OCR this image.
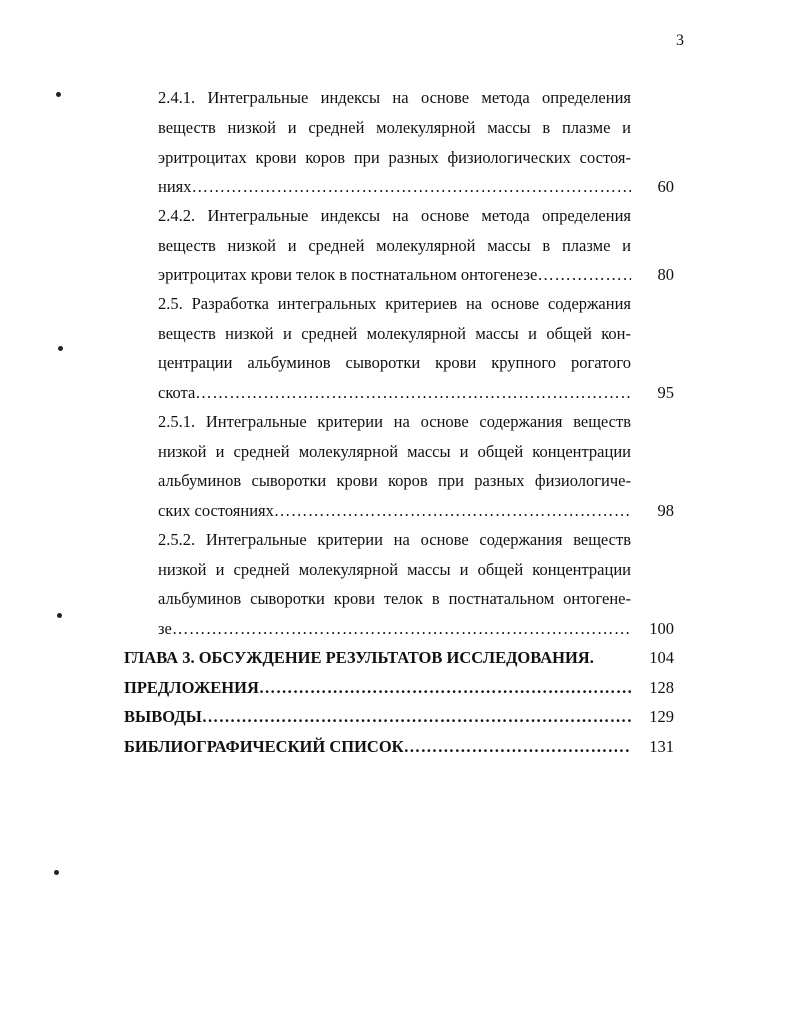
3
2.4.1. Интегральные индексы на основе метода определения
веществ низкой и средней молекулярной массы в плазме и
эритроцитах крови коров при разных физиологических состоя-
ниях ……………………………………………………………………………………………………………………	60
2.4.2. Интегральные индексы на основе метода определения
веществ низкой и средней молекулярной массы в плазме и
эритроцитах крови телок в постнатальном онтогенезе ……………………………………………………………………………………………………………………	80
2.5. Разработка интегральных критериев на основе содержания
веществ низкой и средней молекулярной массы и общей кон-
центрации альбуминов сыворотки крови крупного рогатого
скота ……………………………………………………………………………………………………………………	95
2.5.1. Интегральные критерии на основе содержания веществ
низкой и средней молекулярной массы и общей концентрации
альбуминов сыворотки крови коров при разных физиологиче-
ских состояниях ……………………………………………………………………………………………………………………	98
2.5.2. Интегральные критерии на основе содержания веществ
низкой и средней молекулярной массы и общей концентрации
альбуминов сыворотки крови телок в постнатальном онтогене-
зе ……………………………………………………………………………………………………………………	100
ГЛАВА 3. ОБСУЖДЕНИЕ РЕЗУЛЬТАТОВ ИССЛЕДОВАНИЯ.	104
ПРЕДЛОЖЕНИЯ ……………………………………………………………………………………………………………………	128
ВЫВОДЫ ……………………………………………………………………………………………………………………	129
БИБЛИОГРАФИЧЕСКИЙ СПИСОК ……………………………………………………………………………………………………………………	131
